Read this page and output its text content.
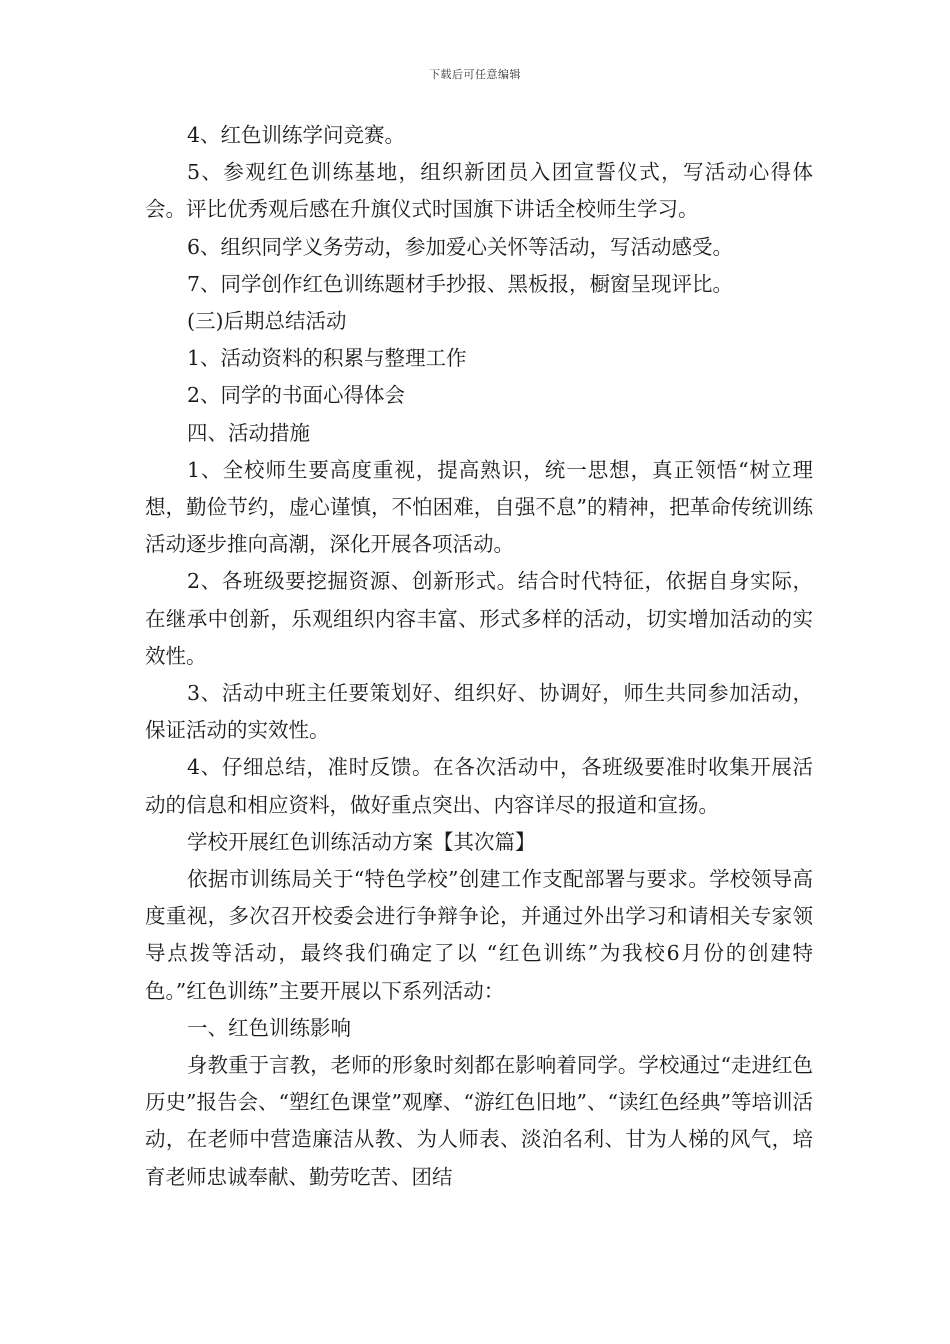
下载后可任意编辑

4、红色训练学问竞赛。

5、参观红色训练基地，组织新团员入团宣誓仪式，写活动心得体会。评比优秀观后感在升旗仪式时国旗下讲话全校师生学习。

6、组织同学义务劳动，参加爱心关怀等活动，写活动感受。

7、同学创作红色训练题材手抄报、黑板报，橱窗呈现评比。

(三)后期总结活动

1、活动资料的积累与整理工作

2、同学的书面心得体会

四、活动措施

1、全校师生要高度重视，提高熟识，统一思想，真正领悟“树立理想，勤俭节约，虚心谨慎，不怕困难，自强不息”的精神，把革命传统训练活动逐步推向高潮，深化开展各项活动。

2、各班级要挖掘资源、创新形式。结合时代特征，依据自身实际，在继承中创新，乐观组织内容丰富、形式多样的活动，切实增加活动的实效性。

3、活动中班主任要策划好、组织好、协调好，师生共同参加活动，保证活动的实效性。

4、仔细总结，准时反馈。在各次活动中，各班级要准时收集开展活动的信息和相应资料，做好重点突出、内容详尽的报道和宣扬。

学校开展红色训练活动方案【其次篇】

依据市训练局关于“特色学校”创建工作支配部署与要求。学校领导高度重视，多次召开校委会进行争辩争论，并通过外出学习和请相关专家领导点拨等活动，最终我们确定了以 “红色训练”为我校6月份的创建特色。”红色训练”主要开展以下系列活动：

一、红色训练影响

身教重于言教，老师的形象时刻都在影响着同学。学校通过“走进红色历史”报告会、“塑红色课堂”观摩、“游红色旧地”、“读红色经典”等培训活动，在老师中营造廉洁从教、为人师表、淡泊名利、甘为人梯的风气，培育老师忠诚奉献、勤劳吃苦、团结
